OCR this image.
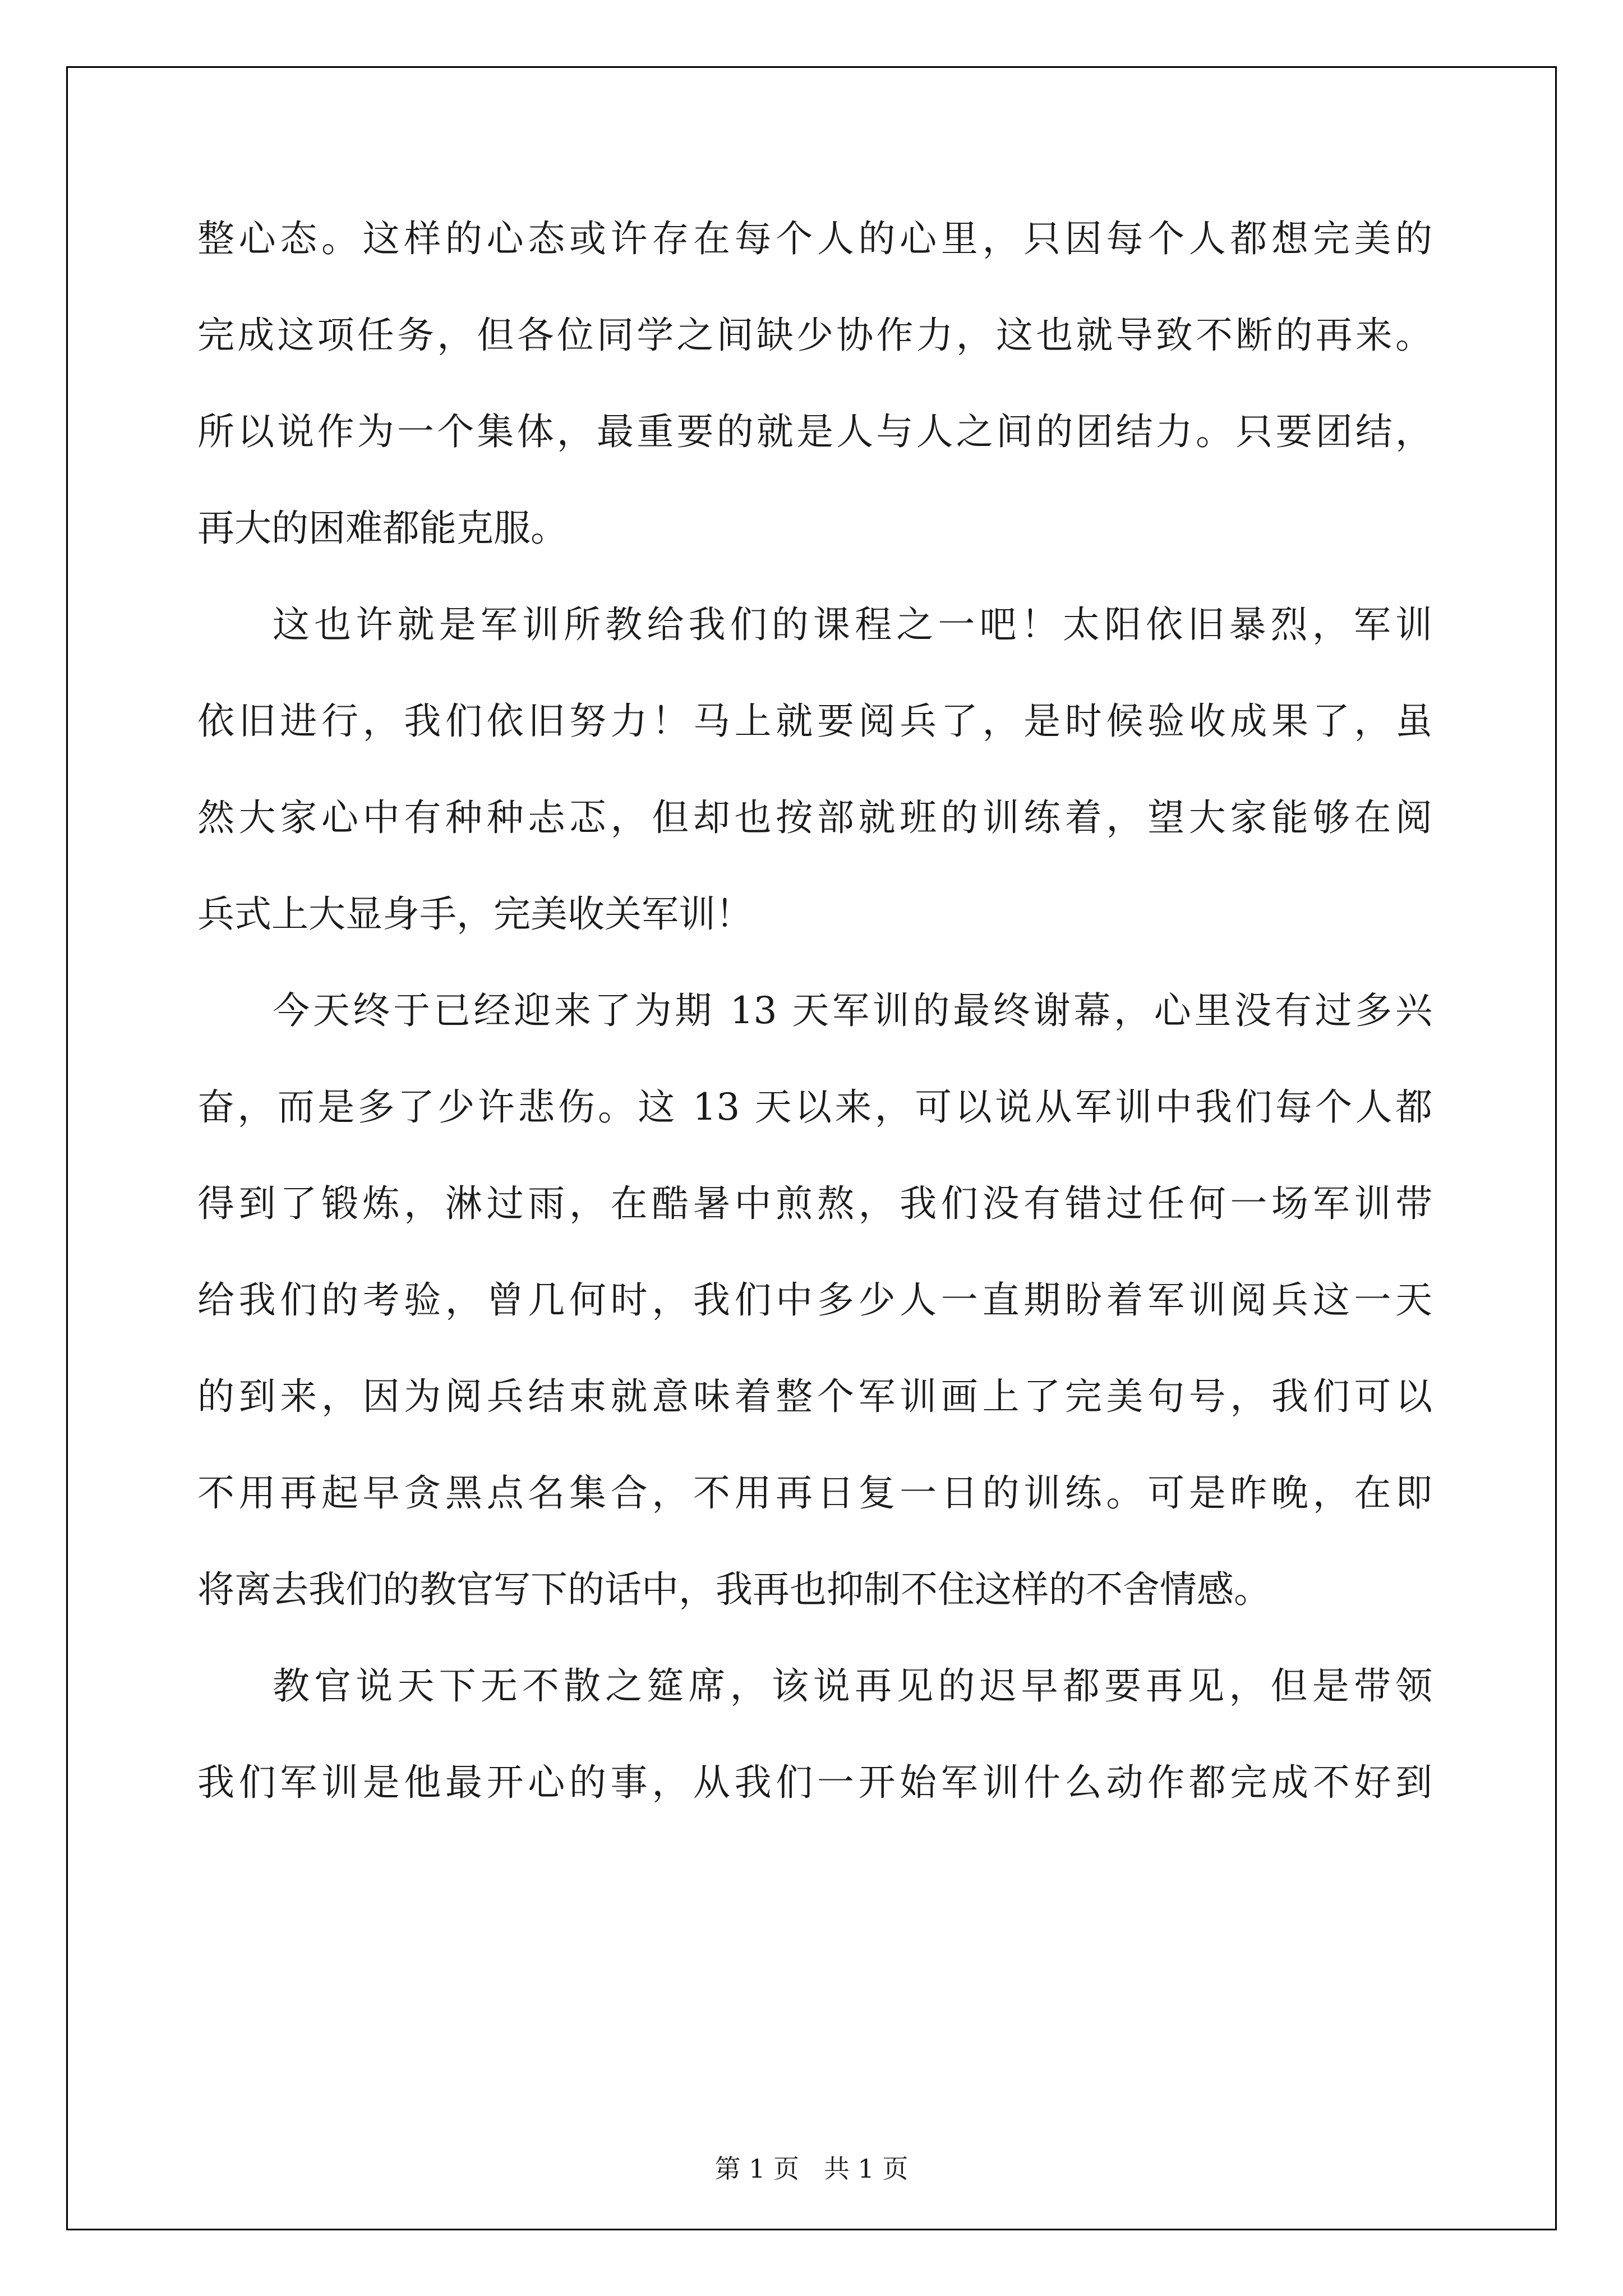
整心态。这样的心态或许存在每个人的心里，只因每个人都想完美的
完成这项任务，但各位同学之间缺少协作力，这也就导致不断的再来。
所以说作为一个集体，最重要的就是人与人之间的团结力。只要团结，
再大的困难都能克服。
这也许就是军训所教给我们的课程之一吧！太阳依旧暴烈，军训
依旧进行，我们依旧努力！马上就要阅兵了，是时候验收成果了，虽
然大家心中有种种忐忑，但却也按部就班的训练着，望大家能够在阅
兵式上大显身手，完美收关军训！
今天终于已经迎来了为期 13 天军训的最终谢幕，心里没有过多兴
奋，而是多了少许悲伤。这 13 天以来，可以说从军训中我们每个人都
得到了锻炼，淋过雨，在酷暑中煎熬，我们没有错过任何一场军训带
给我们的考验，曾几何时，我们中多少人一直期盼着军训阅兵这一天
的到来，因为阅兵结束就意味着整个军训画上了完美句号，我们可以
不用再起早贪黑点名集合，不用再日复一日的训练。可是昨晚，在即
将离去我们的教官写下的话中，我再也抑制不住这样的不舍情感。
教官说天下无不散之筵席，该说再见的迟早都要再见，但是带领
我们军训是他最开心的事，从我们一开始军训什么动作都完成不好到
第 1 页   共 1 页
